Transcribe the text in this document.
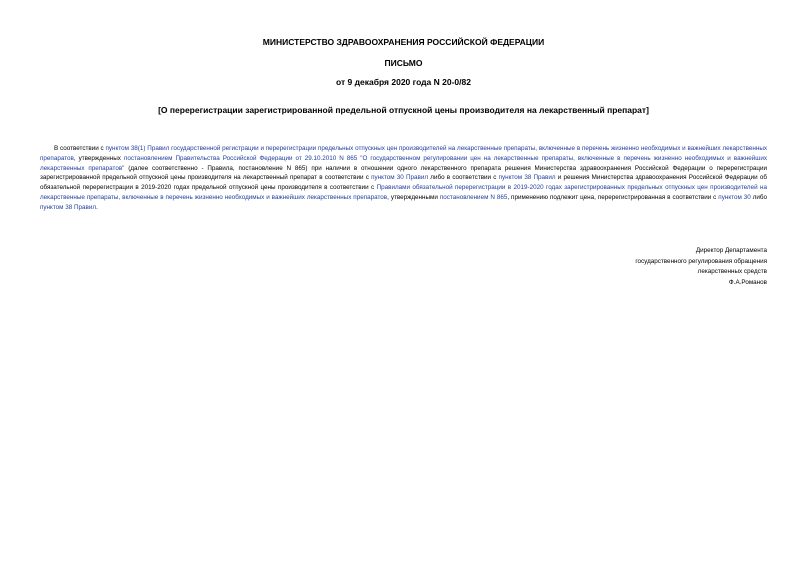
МИНИСТЕРСТВО ЗДРАВООХРАНЕНИЯ РОССИЙСКОЙ ФЕДЕРАЦИИ
ПИСЬМО
от 9 декабря 2020 года N 20-0/82
[О перерегистрации зарегистрированной предельной отпускной цены производителя на лекарственный препарат]

В соответствии с пунктом 38(1) Правил государственной регистрации и перерегистрации предельных отпускных цен производителей на лекарственные препараты, включенные в перечень жизненно необходимых и важнейших лекарственных препаратов, утвержденных постановлением Правительства Российской Федерации от 29.10.2010 N 865 "О государственном регулировании цен на лекарственные препараты, включенные в перечень жизненно необходимых и важнейших лекарственных препаратов" (далее соответственно - Правила, постановление N 865) при наличии в отношении одного лекарственного препарата решения Министерства здравоохранения Российской Федерации о перерегистрации зарегистрированной предельной отпускной цены производителя на лекарственный препарат в соответствии с пунктом 30 Правил либо в соответствии с пунктом 38 Правил и решения Министерства здравоохранения Российской Федерации об обязательной перерегистрации в 2019-2020 годах предельной отпускной цены производителя в соответствии с Правилами обязательной перерегистрации в 2019-2020 годах зарегистрированных предельных отпускных цен производителей на лекарственные препараты, включенные в перечень жизненно необходимых и важнейших лекарственных препаратов, утвержденными постановлением N 865, применению подлежит цена, перерегистрированная в соответствии с пунктом 30 либо пунктом 38 Правил.

Директор Департамента
государственного регулирования обращения
лекарственных средств
Ф.А.Романов
